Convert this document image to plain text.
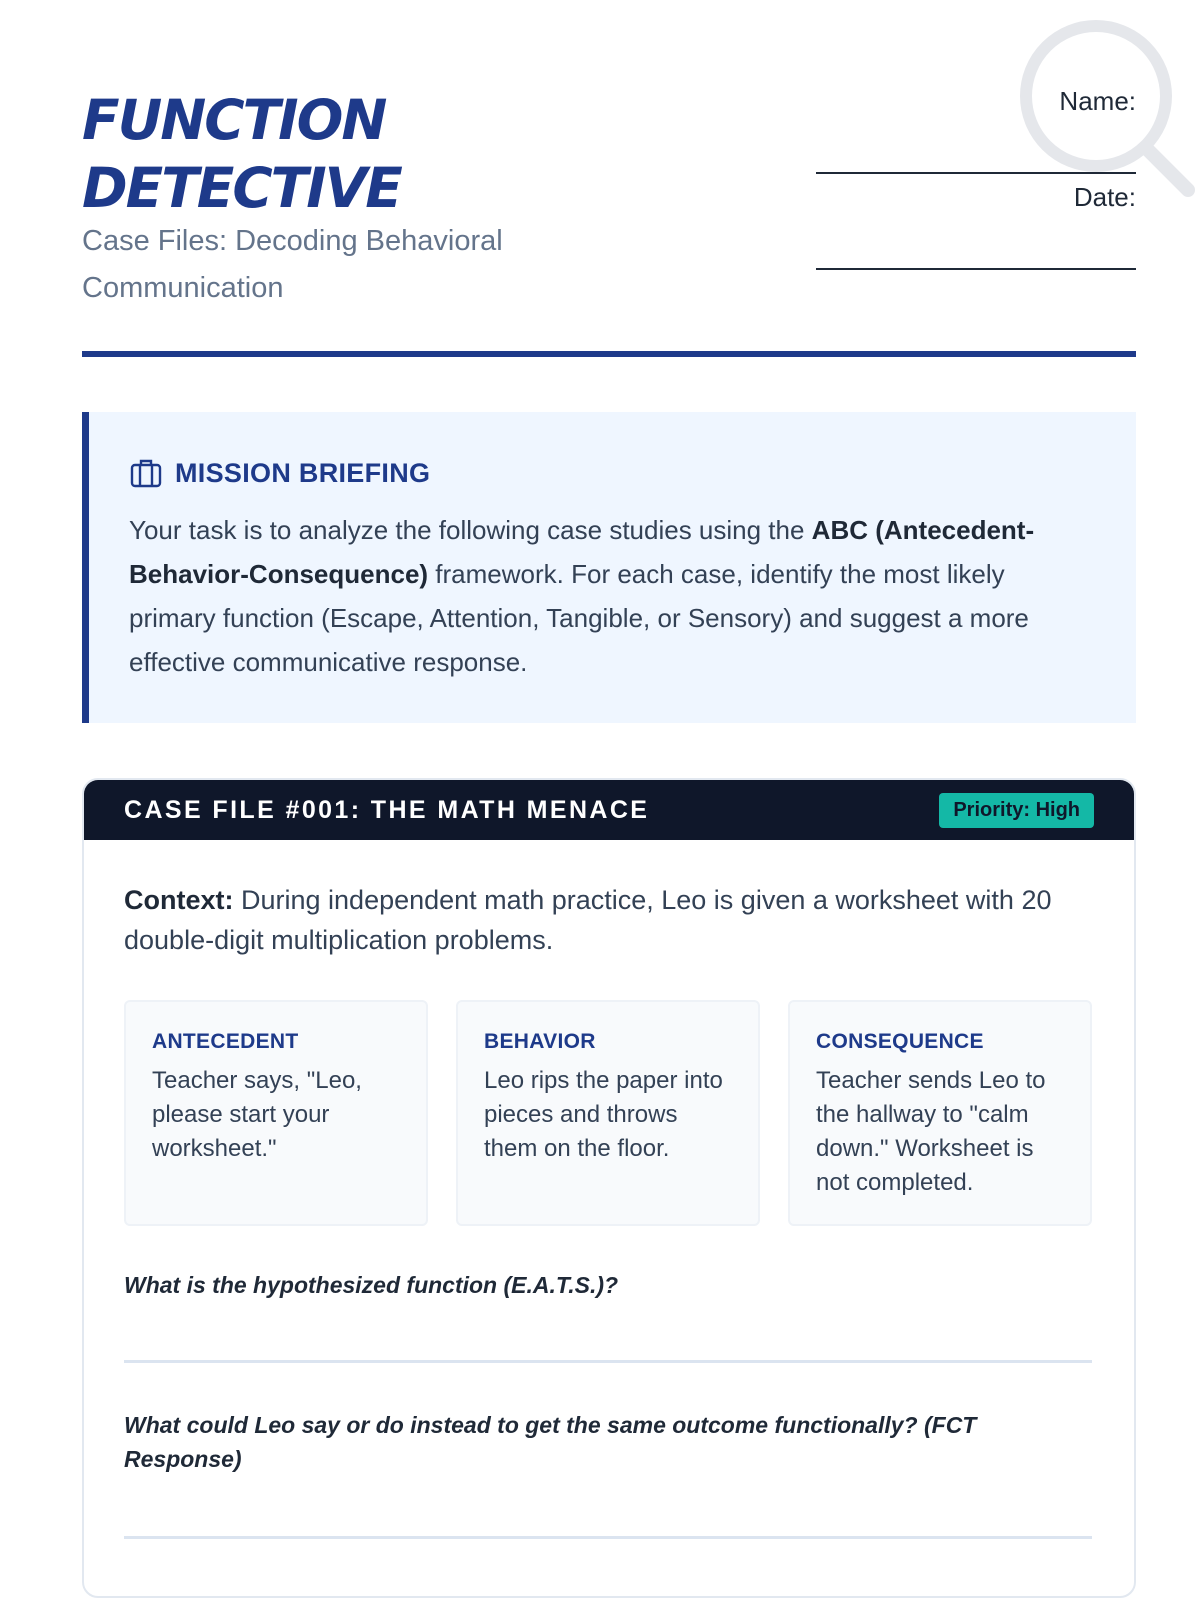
FUNCTION
DETECTIVE
Case Files: Decoding Behavioral Communication
Name:
Date:
MISSION BRIEFING

Your task is to analyze the following case studies using the ABC (Antecedent-Behavior-Consequence) framework. For each case, identify the most likely primary function (Escape, Attention, Tangible, or Sensory) and suggest a more effective communicative response.

CASE FILE #001: THE MATH MENACE	Priority: High

Context: During independent math practice, Leo is given a worksheet with 20 double-digit multiplication problems.

ANTECEDENT
Teacher says, "Leo, please start your worksheet."
BEHAVIOR
Leo rips the paper into pieces and throws them on the floor.
CONSEQUENCE
Teacher sends Leo to the hallway to "calm down." Worksheet is not completed.
What is the hypothesized function (E.A.T.S.)?
What could Leo say or do instead to get the same outcome functionally? (FCT Response)
